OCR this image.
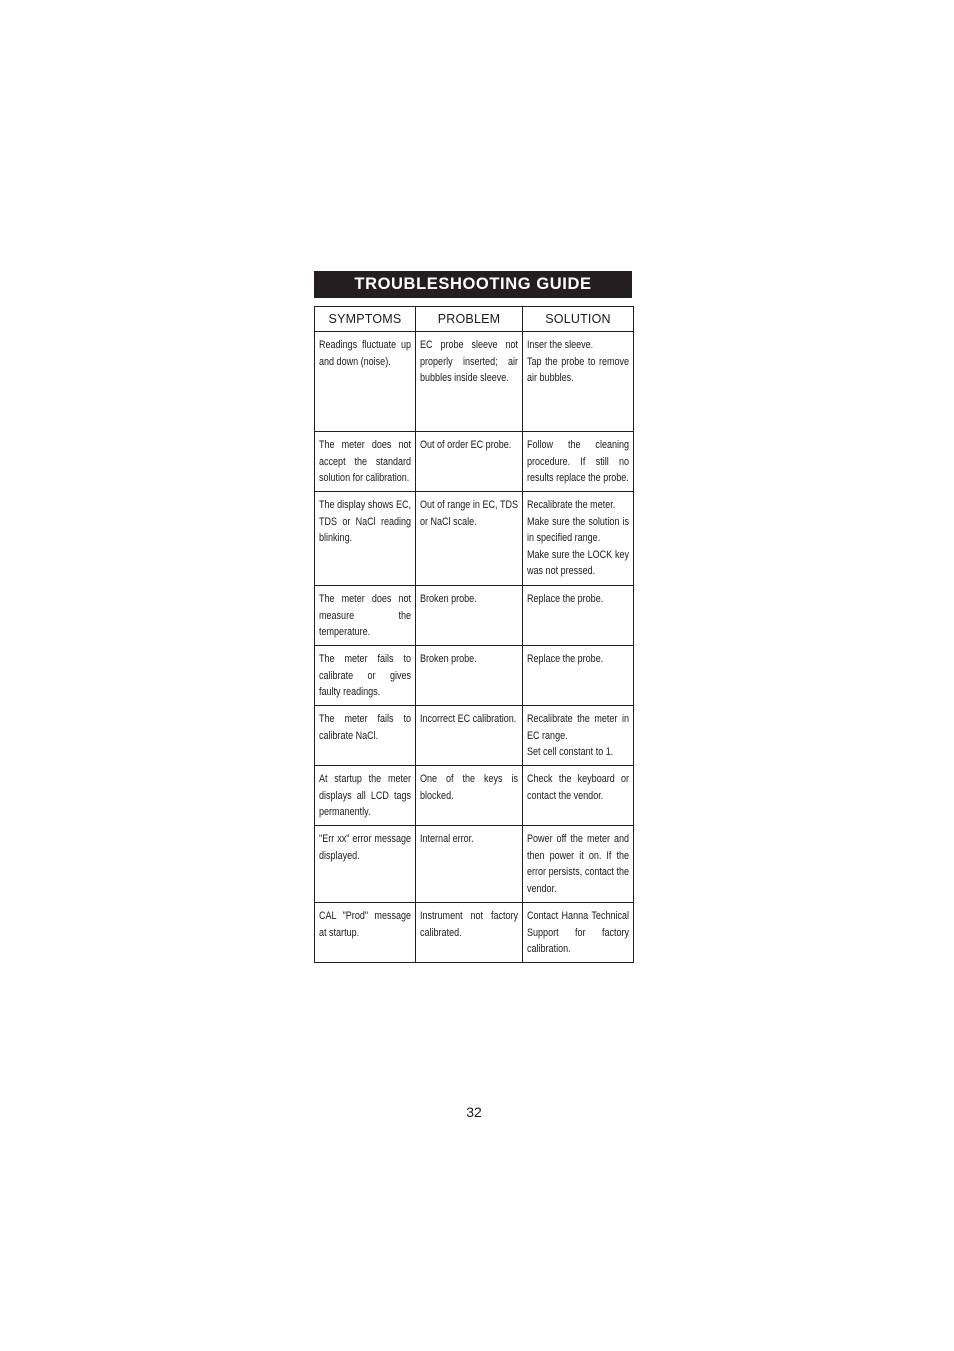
TROUBLESHOOTING GUIDE
SYMPTOMS	PROBLEM	SOLUTION

Readings fluctuate up and down (noise).	EC probe sleeve not properly inserted; air bubbles inside sleeve.	Inser the sleeve.
Tap the probe to remove air bubbles.

The meter does not accept the standard solution for calibration.	Out of order EC probe.	Follow the cleaning procedure. If still no results replace the probe.

The display shows EC, TDS or NaCl reading blinking.	Out of range in EC, TDS or NaCl scale.	Recalibrate the meter.
Make sure the solution is in specified range.
Make sure the LOCK key was not pressed.

The meter does not measure the temperature.	Broken probe.	Replace the probe.

The meter fails to calibrate or gives faulty readings.	Broken probe.	Replace the probe.

The meter fails to calibrate NaCl.	Incorrect EC calibration.	Recalibrate the meter in EC range.
Set cell constant to 1.

At startup the meter displays all LCD tags permanently.	One of the keys is blocked.	Check the keyboard or contact the vendor.

"Err xx" error message displayed.	Internal error.	Power off the meter and then power it on. If the error persists, contact the vendor.

CAL "Prod" message at startup.	Instrument not factory calibrated.	Contact Hanna Technical Support for factory calibration.
32
